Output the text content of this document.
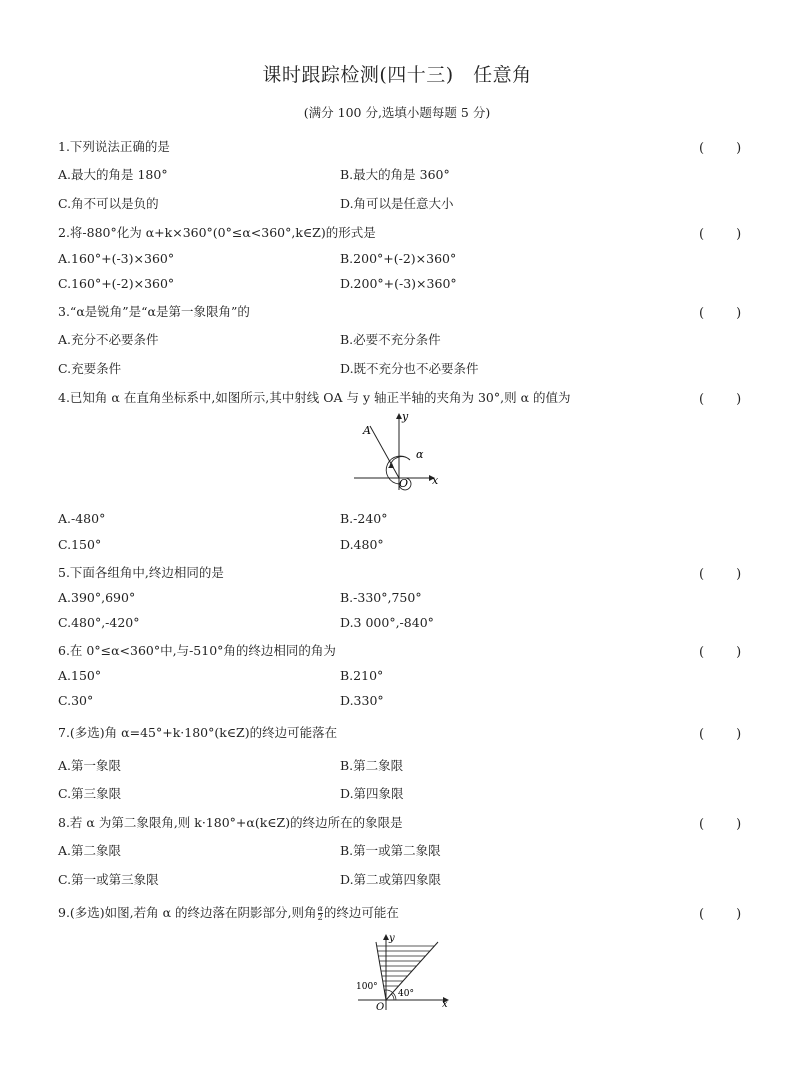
课时跟踪检测(四十三)　任意角
(满分 100 分,选填小题每题 5 分)
1.下列说法正确的是	(　　)
A.最大的角是 180°	B.最大的角是 360°
C.角不可以是负的	D.角可以是任意大小
2.将-880°化为 α+k×360°(0°≤α<360°,k∈Z)的形式是	(　　)
A.160°+(-3)×360°	B.200°+(-2)×360°
C.160°+(-2)×360°	D.200°+(-3)×360°
3.“α是锐角”是“α是第一象限角”的	(　　)
A.充分不必要条件	B.必要不充分条件
C.充要条件	D.既不充分也不必要条件
4.已知角 α 在直角坐标系中,如图所示,其中射线 OA 与 y 轴正半轴的夹角为 30°,则 α 的值为	(　　)
A
y
x
O
α
A.-480°	B.-240°
C.150°	D.480°
5.下面各组角中,终边相同的是	(　　)
A.390°,690°	B.-330°,750°
C.480°,-420°	D.3 000°,-840°
6.在 0°≤α<360°中,与-510°角的终边相同的角为	(　　)
A.150°	B.210°
C.30°	D.330°
7.(多选)角 α=45°+k·180°(k∈Z)的终边可能落在	(　　)
A.第一象限	B.第二象限
C.第三象限	D.第四象限
8.若 α 为第二象限角,则 k·180°+α(k∈Z)的终边所在的象限是	(　　)
A.第二象限	B.第一或第二象限
C.第一或第三象限	D.第二或第四象限
9.(多选)如图,若角 α 的终边落在阴影部分,则角 $\frac{\alpha}{2}$ 的终边可能在	(　　)
y
x
O
100°
40°
